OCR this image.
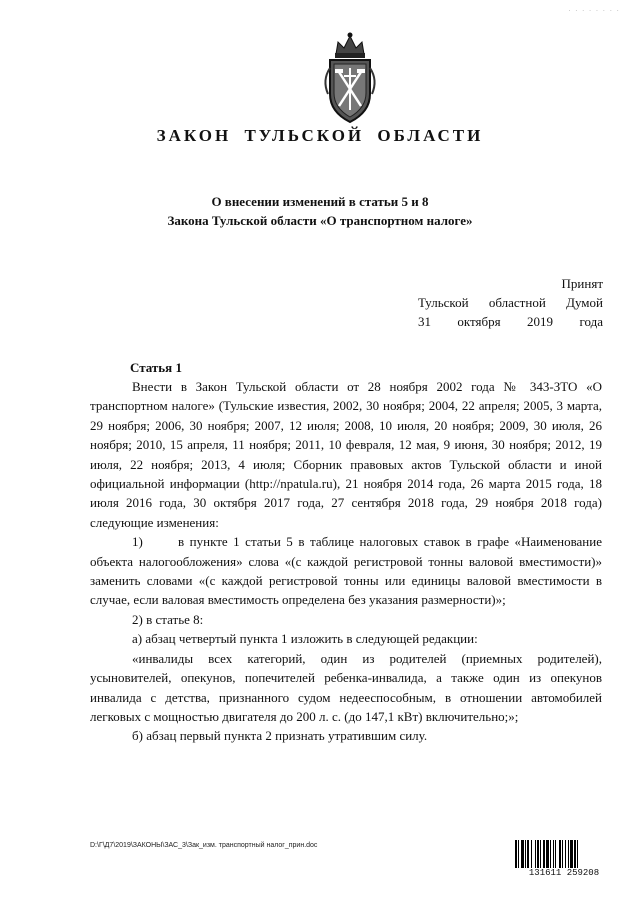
· · · · · · · ·
ЗАКОН ТУЛЬСКОЙ ОБЛАСТИ
О внесении изменений в статьи 5 и 8
Закона Тульской области «О транспортном налоге»
Принят
Тульской областной Думой
31 октября 2019 года
Статья 1

Внести в Закон Тульской области от 28 ноября 2002 года № 343-ЗТО «О транспортном налоге» (Тульские известия, 2002, 30 ноября; 2004, 22 апреля; 2005, 3 марта, 29 ноября; 2006, 30 ноября; 2007, 12 июля; 2008, 10 июля, 20 ноября; 2009, 30 июля, 26 ноября; 2010, 15 апреля, 11 ноября; 2011, 10 февраля, 12 мая, 9 июня, 30 ноября; 2012, 19 июля, 22 ноября; 2013, 4 июля; Сборник правовых актов Тульской области и иной официальной информации (http://npatula.ru), 21 ноября 2014 года, 26 марта 2015 года, 18 июля 2016 года, 30 октября 2017 года, 27 сентября 2018 года, 29 ноября 2018 года) следующие изменения:

1)	в пункте 1 статьи 5 в таблице налоговых ставок в графе «Наименование объекта налогообложения» слова «(с каждой регистровой тонны валовой вместимости)» заменить словами «(с каждой регистровой тонны или единицы валовой вместимости в случае, если валовая вместимость определена без указания размерности)»;

2) в статье 8:

а) абзац четвертый пункта 1 изложить в следующей редакции:

«инвалиды всех категорий, один из родителей (приемных родителей), усыновителей, опекунов, попечителей ребенка-инвалида, а также один из опекунов инвалида с детства, признанного судом недееспособным, в отношении автомобилей легковых с мощностью двигателя до 200 л. с. (до 147,1 кВт) включительно;»;

б) абзац первый пункта 2 признать утратившим силу.

D:\Г\Д7\2019\ЗАКОНЫ\ЗАС_3\Зак_изм. транспортный налог_прин.doc
131611 259208
